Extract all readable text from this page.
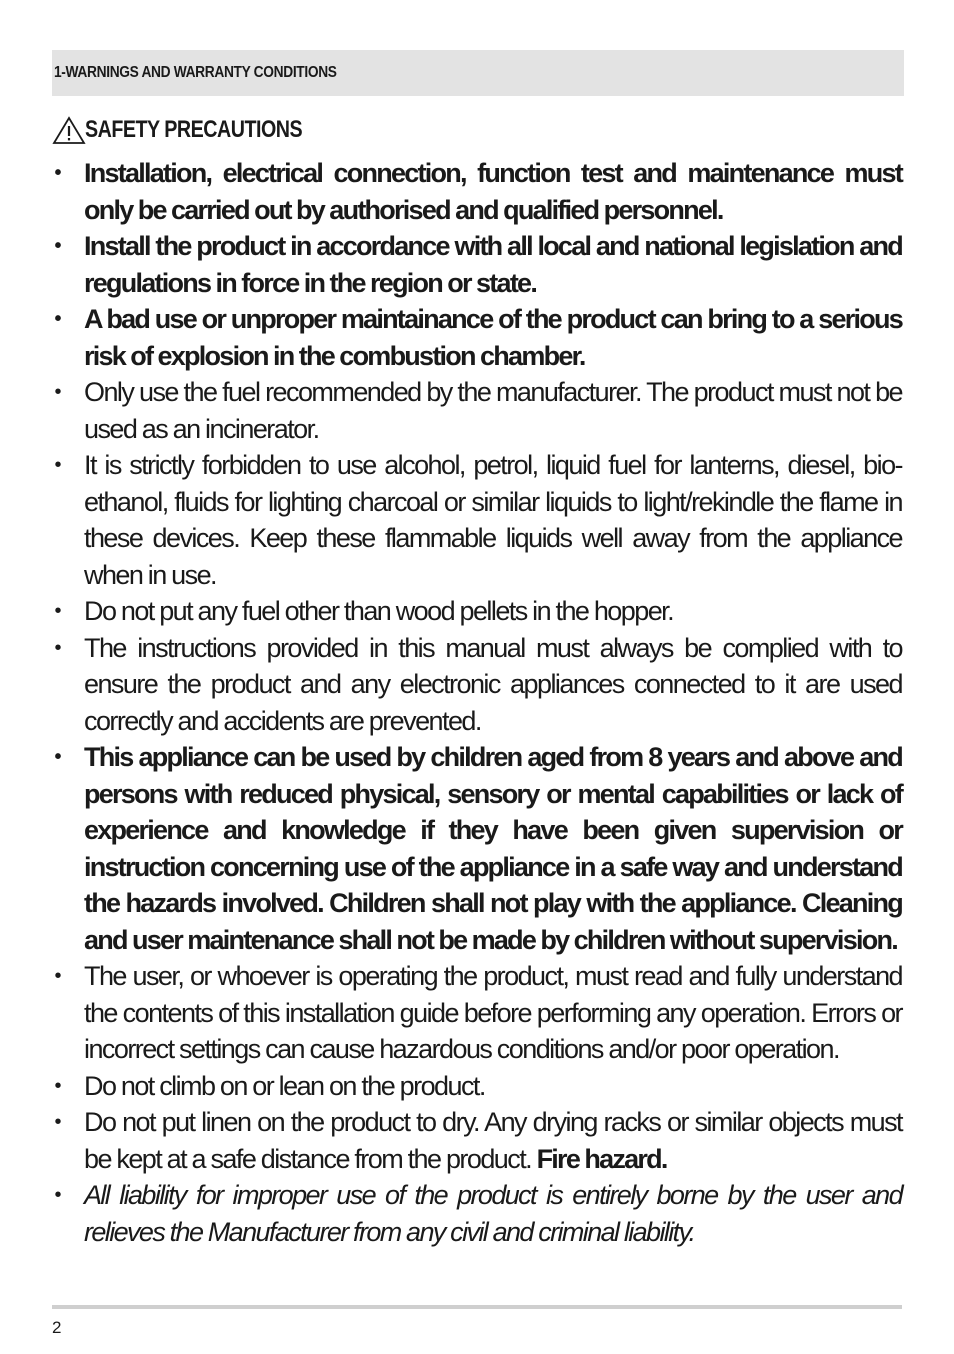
1-WARNINGS AND WARRANTY CONDITIONS
SAFETY PRECAUTIONS
• Installation, electrical connection, function test and maintenance must only be carried out by authorised and qualified personnel.
• Install the product in accordance with all local and national legislation and regulations in force in the region or state.
• A bad use or unproper maintainance of the product can bring to a serious risk of explosion in the combustion chamber.
• Only use the fuel recommended by the manufacturer. The product must not be used as an incinerator.
• It is strictly forbidden to use alcohol, petrol, liquid fuel for lanterns, diesel, bio-ethanol, fluids for lighting charcoal or similar liquids to light/rekindle the flame in these devices. Keep these flammable liquids well away from the appliance when in use.
• Do not put any fuel other than wood pellets in the hopper.
• The instructions provided in this manual must always be complied with to ensure the product and any electronic appliances connected to it are used correctly and accidents are prevented.
• This appliance can be used by children aged from 8 years and above and persons with reduced physical, sensory or mental capabilities or lack of experience and knowledge if they have been given supervision or instruction concerning use of the appliance in a safe way and understand the hazards involved. Children shall not play with the appliance. Cleaning and user maintenance shall not be made by children without supervision.
• The user, or whoever is operating the product, must read and fully understand the contents of this installation guide before performing any operation. Errors or incorrect settings can cause hazardous conditions and/or poor operation.
• Do not climb on or lean on the product.
• Do not put linen on the product to dry. Any drying racks or similar objects must be kept at a safe distance from the product. Fire hazard.
• All liability for improper use of the product is entirely borne by the user and relieves the Manufacturer from any civil and criminal liability.
2
